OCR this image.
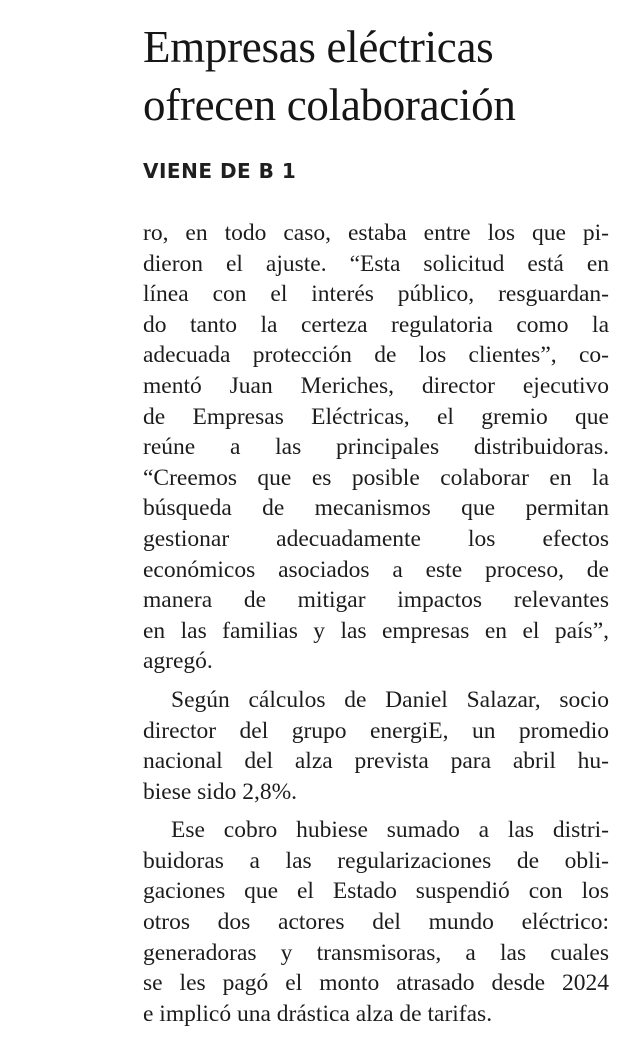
Empresas eléctricas
ofrecen colaboración

VIENE DE B 1

ro, en todo caso, estaba entre los que pi-
dieron el ajuste. “Esta solicitud está en
línea con el interés público, resguardan-
do tanto la certeza regulatoria como la
adecuada protección de los clientes”, co-
mentó Juan Meriches, director ejecutivo
de Empresas Eléctricas, el gremio que
reúne a las principales distribuidoras.
“Creemos que es posible colaborar en la
búsqueda de mecanismos que permitan
gestionar adecuadamente los efectos
económicos asociados a este proceso, de
manera de mitigar impactos relevantes
en las familias y las empresas en el país”,
agregó.
Según cálculos de Daniel Salazar, socio
director del grupo energiE, un promedio
nacional del alza prevista para abril hu-
biese sido 2,8%.
Ese cobro hubiese sumado a las distri-
buidoras a las regularizaciones de obli-
gaciones que el Estado suspendió con los
otros dos actores del mundo eléctrico:
generadoras y transmisoras, a las cuales
se les pagó el monto atrasado desde 2024
e implicó una drástica alza de tarifas.
